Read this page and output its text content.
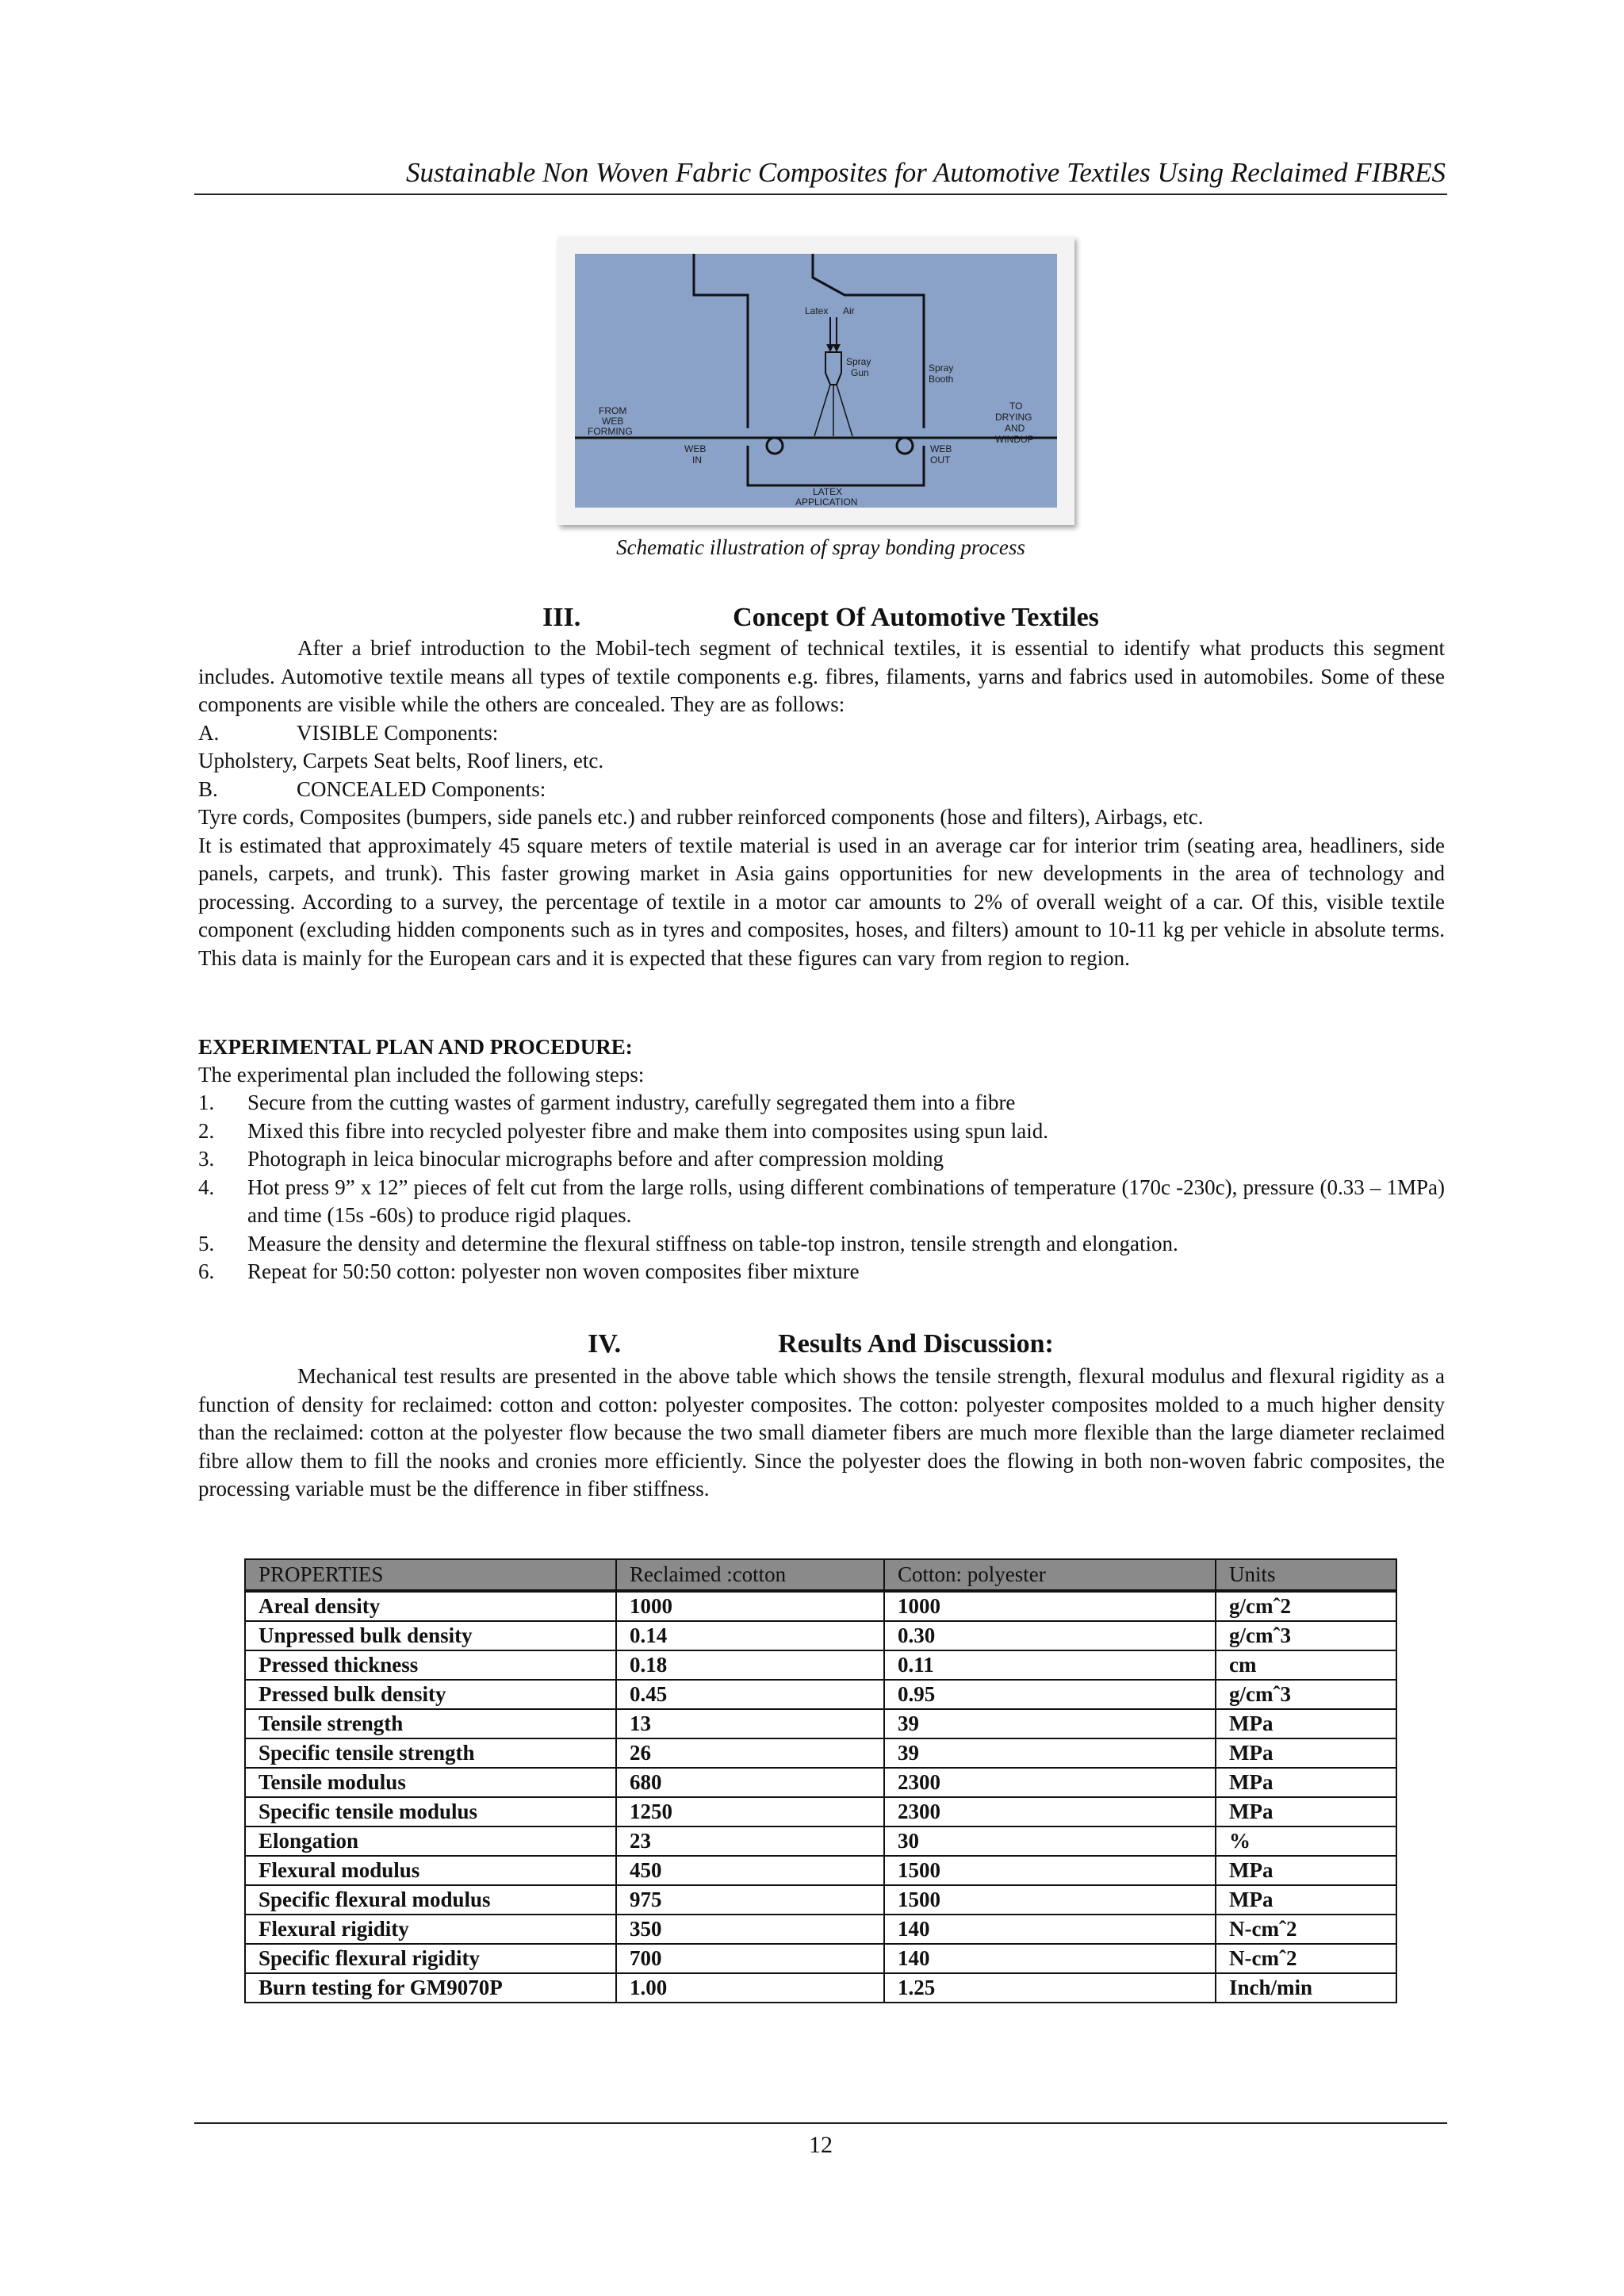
Sustainable Non Woven Fabric Composites for Automotive Textiles Using Reclaimed FIBRES
Latex Air
Spray
Gun	Spray
Booth
FROM
WEB
FORMING
WEB
IN
WEB
OUT
TO
DRYING
AND
WINDUP
LATEX
APPLICATION
Schematic illustration of spray bonding process
III.	Concept Of Automotive Textiles

After a brief introduction to the Mobil-tech segment of technical textiles, it is essential to identify what products this segment includes. Automotive textile means all types of textile components e.g. fibres, filaments, yarns and fabrics used in automobiles. Some of these components are visible while the others are concealed. They are as follows:

A.	VISIBLE Components:

Upholstery, Carpets Seat belts, Roof liners, etc.

B.	CONCEALED Components:

Tyre cords, Composites (bumpers, side panels etc.) and rubber reinforced components (hose and filters), Airbags, etc.

It is estimated that approximately 45 square meters of textile material is used in an average car for interior trim (seating area, headliners, side panels, carpets, and trunk). This faster growing market in Asia gains opportunities for new developments in the area of technology and processing. According to a survey, the percentage of textile in a motor car amounts to 2% of overall weight of a car. Of this, visible textile component (excluding hidden components such as in tyres and composites, hoses, and filters) amount to 10-11 kg per vehicle in absolute terms. This data is mainly for the European cars and it is expected that these figures can vary from region to region.

EXPERIMENTAL PLAN AND PROCEDURE:
The experimental plan included the following steps:
1. Secure from the cutting wastes of garment industry, carefully segregated them into a fibre
2. Mixed this fibre into recycled polyester fibre and make them into composites using spun laid.
3. Photograph in leica binocular micrographs before and after compression molding
4. Hot press 9” x 12” pieces of felt cut from the large rolls, using different combinations of temperature (170c -230c), pressure (0.33 – 1MPa) and time (15s -60s) to produce rigid plaques.
5. Measure the density and determine the flexural stiffness on table-top instron, tensile strength and elongation.
6. Repeat for 50:50 cotton: polyester non woven composites fiber mixture
IV.	Results And Discussion:

Mechanical test results are presented in the above table which shows the tensile strength, flexural modulus and flexural rigidity as a function of density for reclaimed: cotton and cotton: polyester composites. The cotton: polyester composites molded to a much higher density than the reclaimed: cotton at the polyester flow because the two small diameter fibers are much more flexible than the large diameter reclaimed fibre allow them to fill the nooks and cronies more efficiently. Since the polyester does the flowing in both non-woven fabric composites, the processing variable must be the difference in fiber stiffness.

PROPERTIES	Reclaimed :cotton	Cotton: polyester	Units
Areal density	1000	1000	g/cmˆ2
Unpressed bulk density	0.14	0.30	g/cmˆ3
Pressed thickness	0.18	0.11	cm
Pressed bulk density	0.45	0.95	g/cmˆ3
Tensile strength	13	39	MPa
Specific tensile strength	26	39	MPa
Tensile modulus	680	2300	MPa
Specific tensile modulus	1250	2300	MPa
Elongation	23	30	%
Flexural modulus	450	1500	MPa
Specific flexural modulus	975	1500	MPa
Flexural rigidity	350	140	N-cmˆ2
Specific flexural rigidity	700	140	N-cmˆ2
Burn testing for GM9070P	1.00	1.25	Inch/min
12
